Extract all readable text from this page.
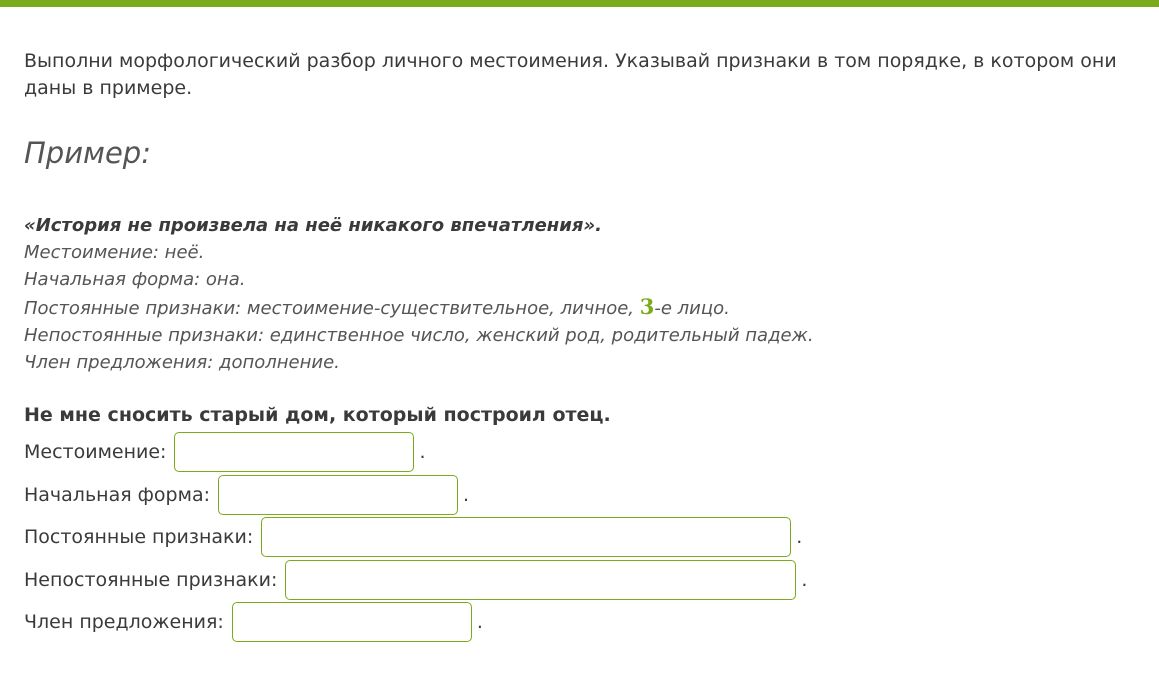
Выполни морфологический разбор личного местоимения. Указывай признаки в том порядке, в котором они даны в примере.

Пример:
«История не произвела на неё никакого впечатления».
Местоимение: неё.
Начальная форма: она.
Постоянные признаки: местоимение-существительное, личное, 3-е лицо.
Непостоянные признаки: единственное число, женский род, родительный падеж.
Член предложения: дополнение.

Не мне сносить старый дом, который построил отец.

Местоимение:	.
Начальная форма:	.
Постоянные признаки:	.
Непостоянные признаки:	.
Член предложения:	.
